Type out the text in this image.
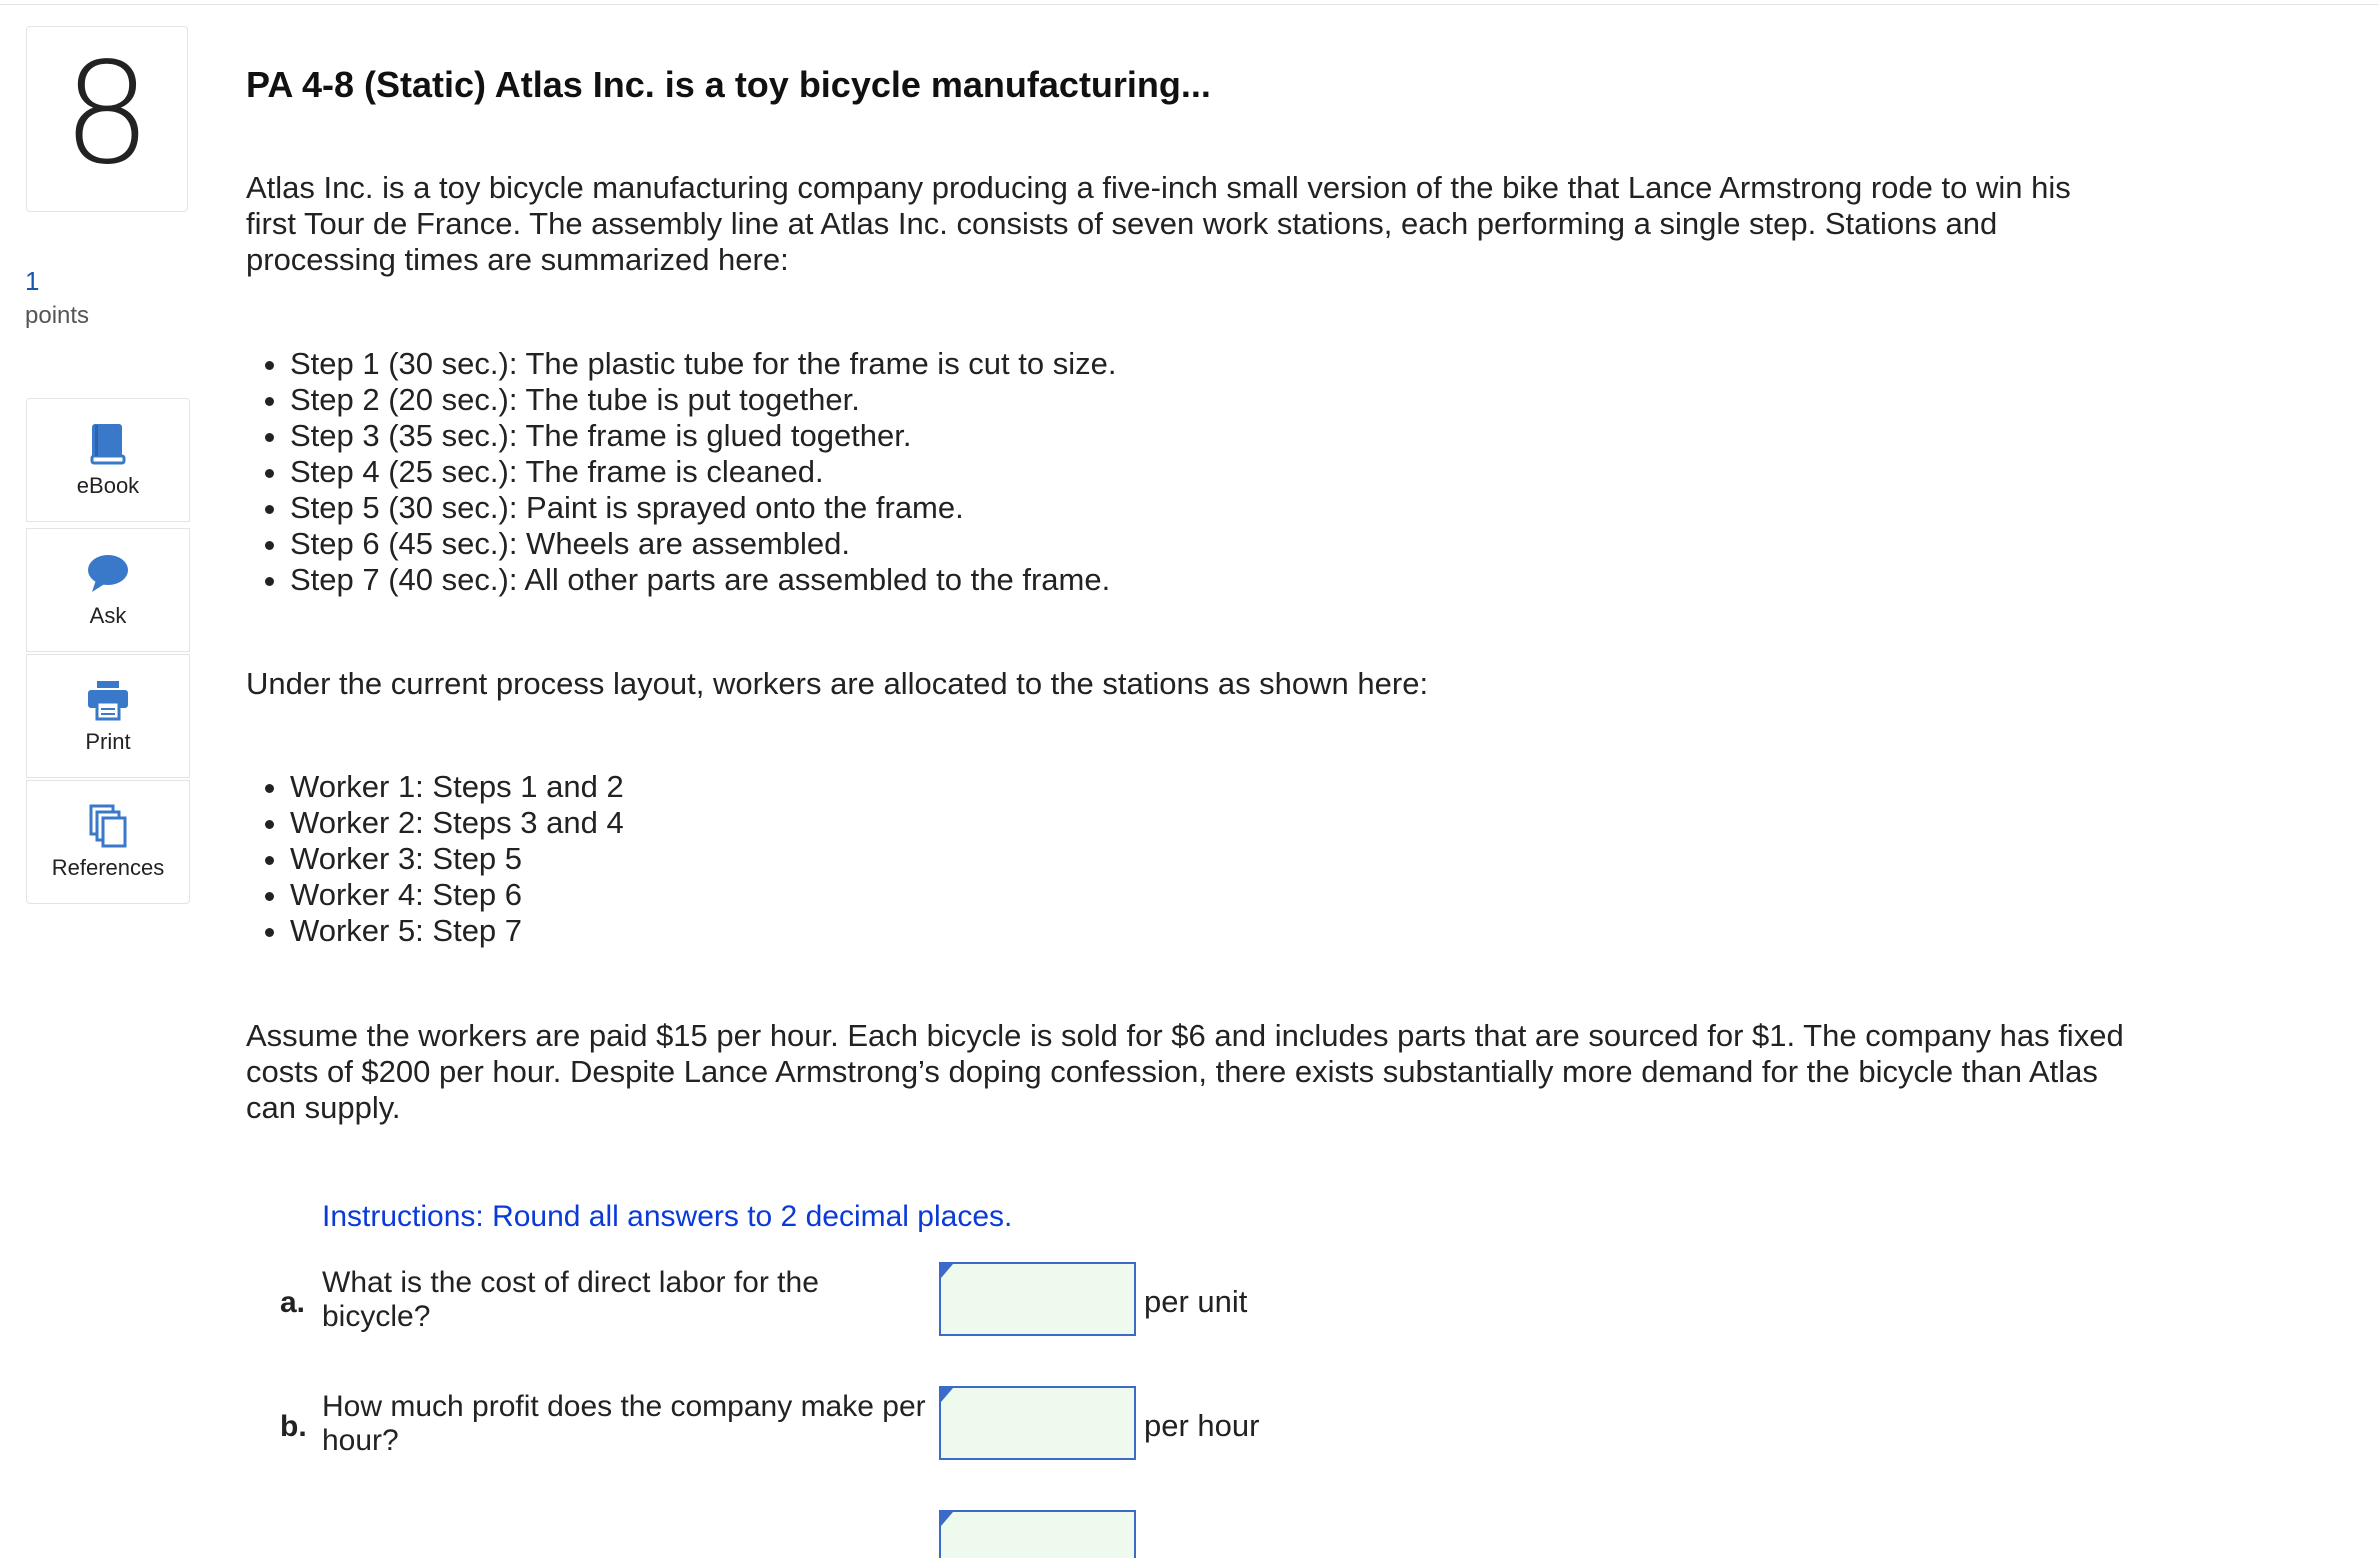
8
1
points
eBook
Ask
Print
References
PA 4-8 (Static) Atlas Inc. is a toy bicycle manufacturing...

Atlas Inc. is a toy bicycle manufacturing company producing a five-inch small version of the bike that Lance Armstrong rode to win his first Tour de France. The assembly line at Atlas Inc. consists of seven work stations, each performing a single step. Stations and processing times are summarized here:

• Step 1 (30 sec.): The plastic tube for the frame is cut to size.
• Step 2 (20 sec.): The tube is put together.
• Step 3 (35 sec.): The frame is glued together.
• Step 4 (25 sec.): The frame is cleaned.
• Step 5 (30 sec.): Paint is sprayed onto the frame.
• Step 6 (45 sec.): Wheels are assembled.
• Step 7 (40 sec.): All other parts are assembled to the frame.

Under the current process layout, workers are allocated to the stations as shown here:

• Worker 1: Steps 1 and 2
• Worker 2: Steps 3 and 4
• Worker 3: Step 5
• Worker 4: Step 6
• Worker 5: Step 7

Assume the workers are paid $15 per hour. Each bicycle is sold for $6 and includes parts that are sourced for $1. The company has fixed costs of $200 per hour. Despite Lance Armstrong’s doping confession, there exists substantially more demand for the bicycle than Atlas can supply.

Instructions: Round all answers to 2 decimal places.
a.
What is the cost of direct labor for the bicycle?	per unit
b.
How much profit does the company make per hour?	per hour
